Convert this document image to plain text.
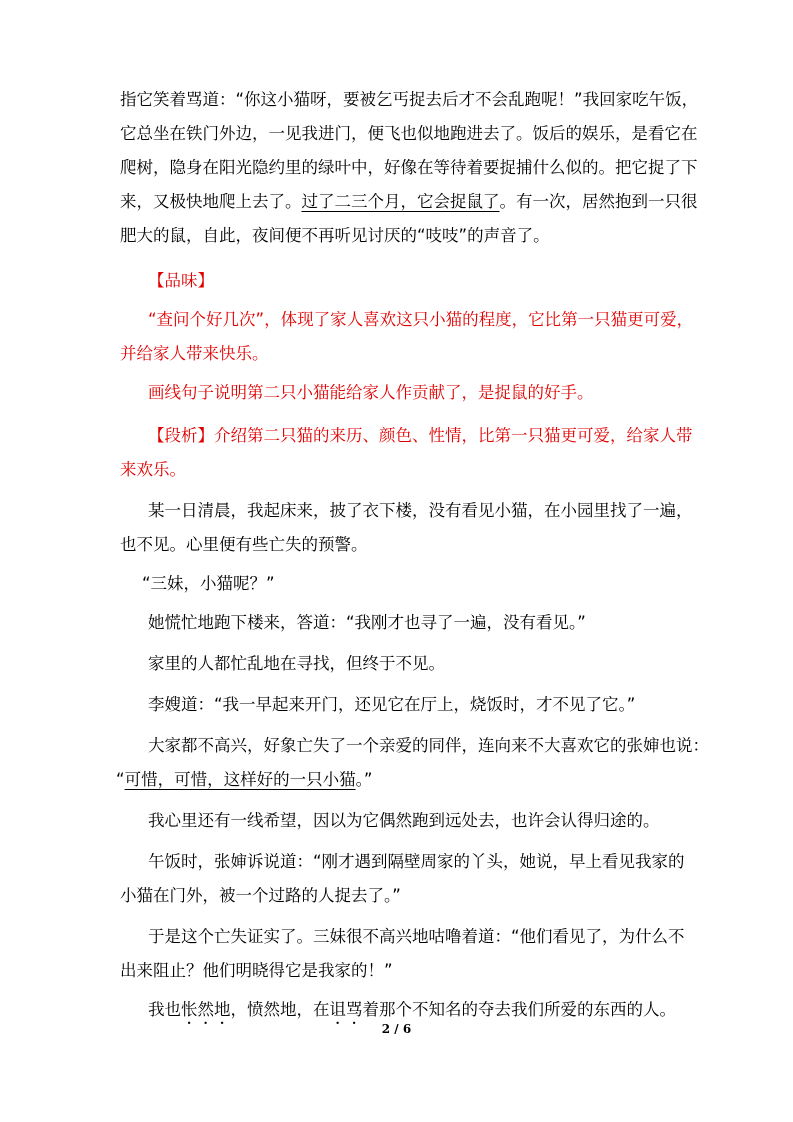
指它笑着骂道：“你这小猫呀，要被乞丐捉去后才不会乱跑呢！”我回家吃午饭，
它总坐在铁门外边，一见我进门，便飞也似地跑进去了。饭后的娱乐，是看它在
爬树，隐身在阳光隐约里的绿叶中，好像在等待着要捉捕什么似的。把它捉了下
来，又极快地爬上去了。过了二三个月，它会捉鼠了。有一次，居然抱到一只很
肥大的鼠，自此，夜间便不再听见讨厌的“吱吱”的声音了。
【品味】
“查问个好几次”，体现了家人喜欢这只小猫的程度，它比第一只猫更可爱，
并给家人带来快乐。
画线句子说明第二只小猫能给家人作贡献了，是捉鼠的好手。
【段析】介绍第二只猫的来历、颜色、性情，比第一只猫更可爱，给家人带
来欢乐。
某一日清晨，我起床来，披了衣下楼，没有看见小猫，在小园里找了一遍，
也不见。心里便有些亡失的预警。
“三妹，小猫呢？”
她慌忙地跑下楼来，答道：“我刚才也寻了一遍，没有看见。”
家里的人都忙乱地在寻找，但终于不见。
李嫂道：“我一早起来开门，还见它在厅上，烧饭时，才不见了它。”
大家都不高兴，好象亡失了一个亲爱的同伴，连向来不大喜欢它的张婶也说：
“可惜，可惜，这样好的一只小猫。”
我心里还有一线希望，因以为它偶然跑到远处去，也许会认得归途的。
午饭时，张婶诉说道：“刚才遇到隔壁周家的丫头，她说，早上看见我家的
小猫在门外，被一个过路的人捉去了。”
于是这个亡失证实了。三妹很不高兴地咕噜着道：“他们看见了，为什么不
出来阻止？他们明晓得它是我家的！”
我也怅然地，愤然地，在诅骂着那个不知名的夺去我们所爱的东西的人。
2 / 6
